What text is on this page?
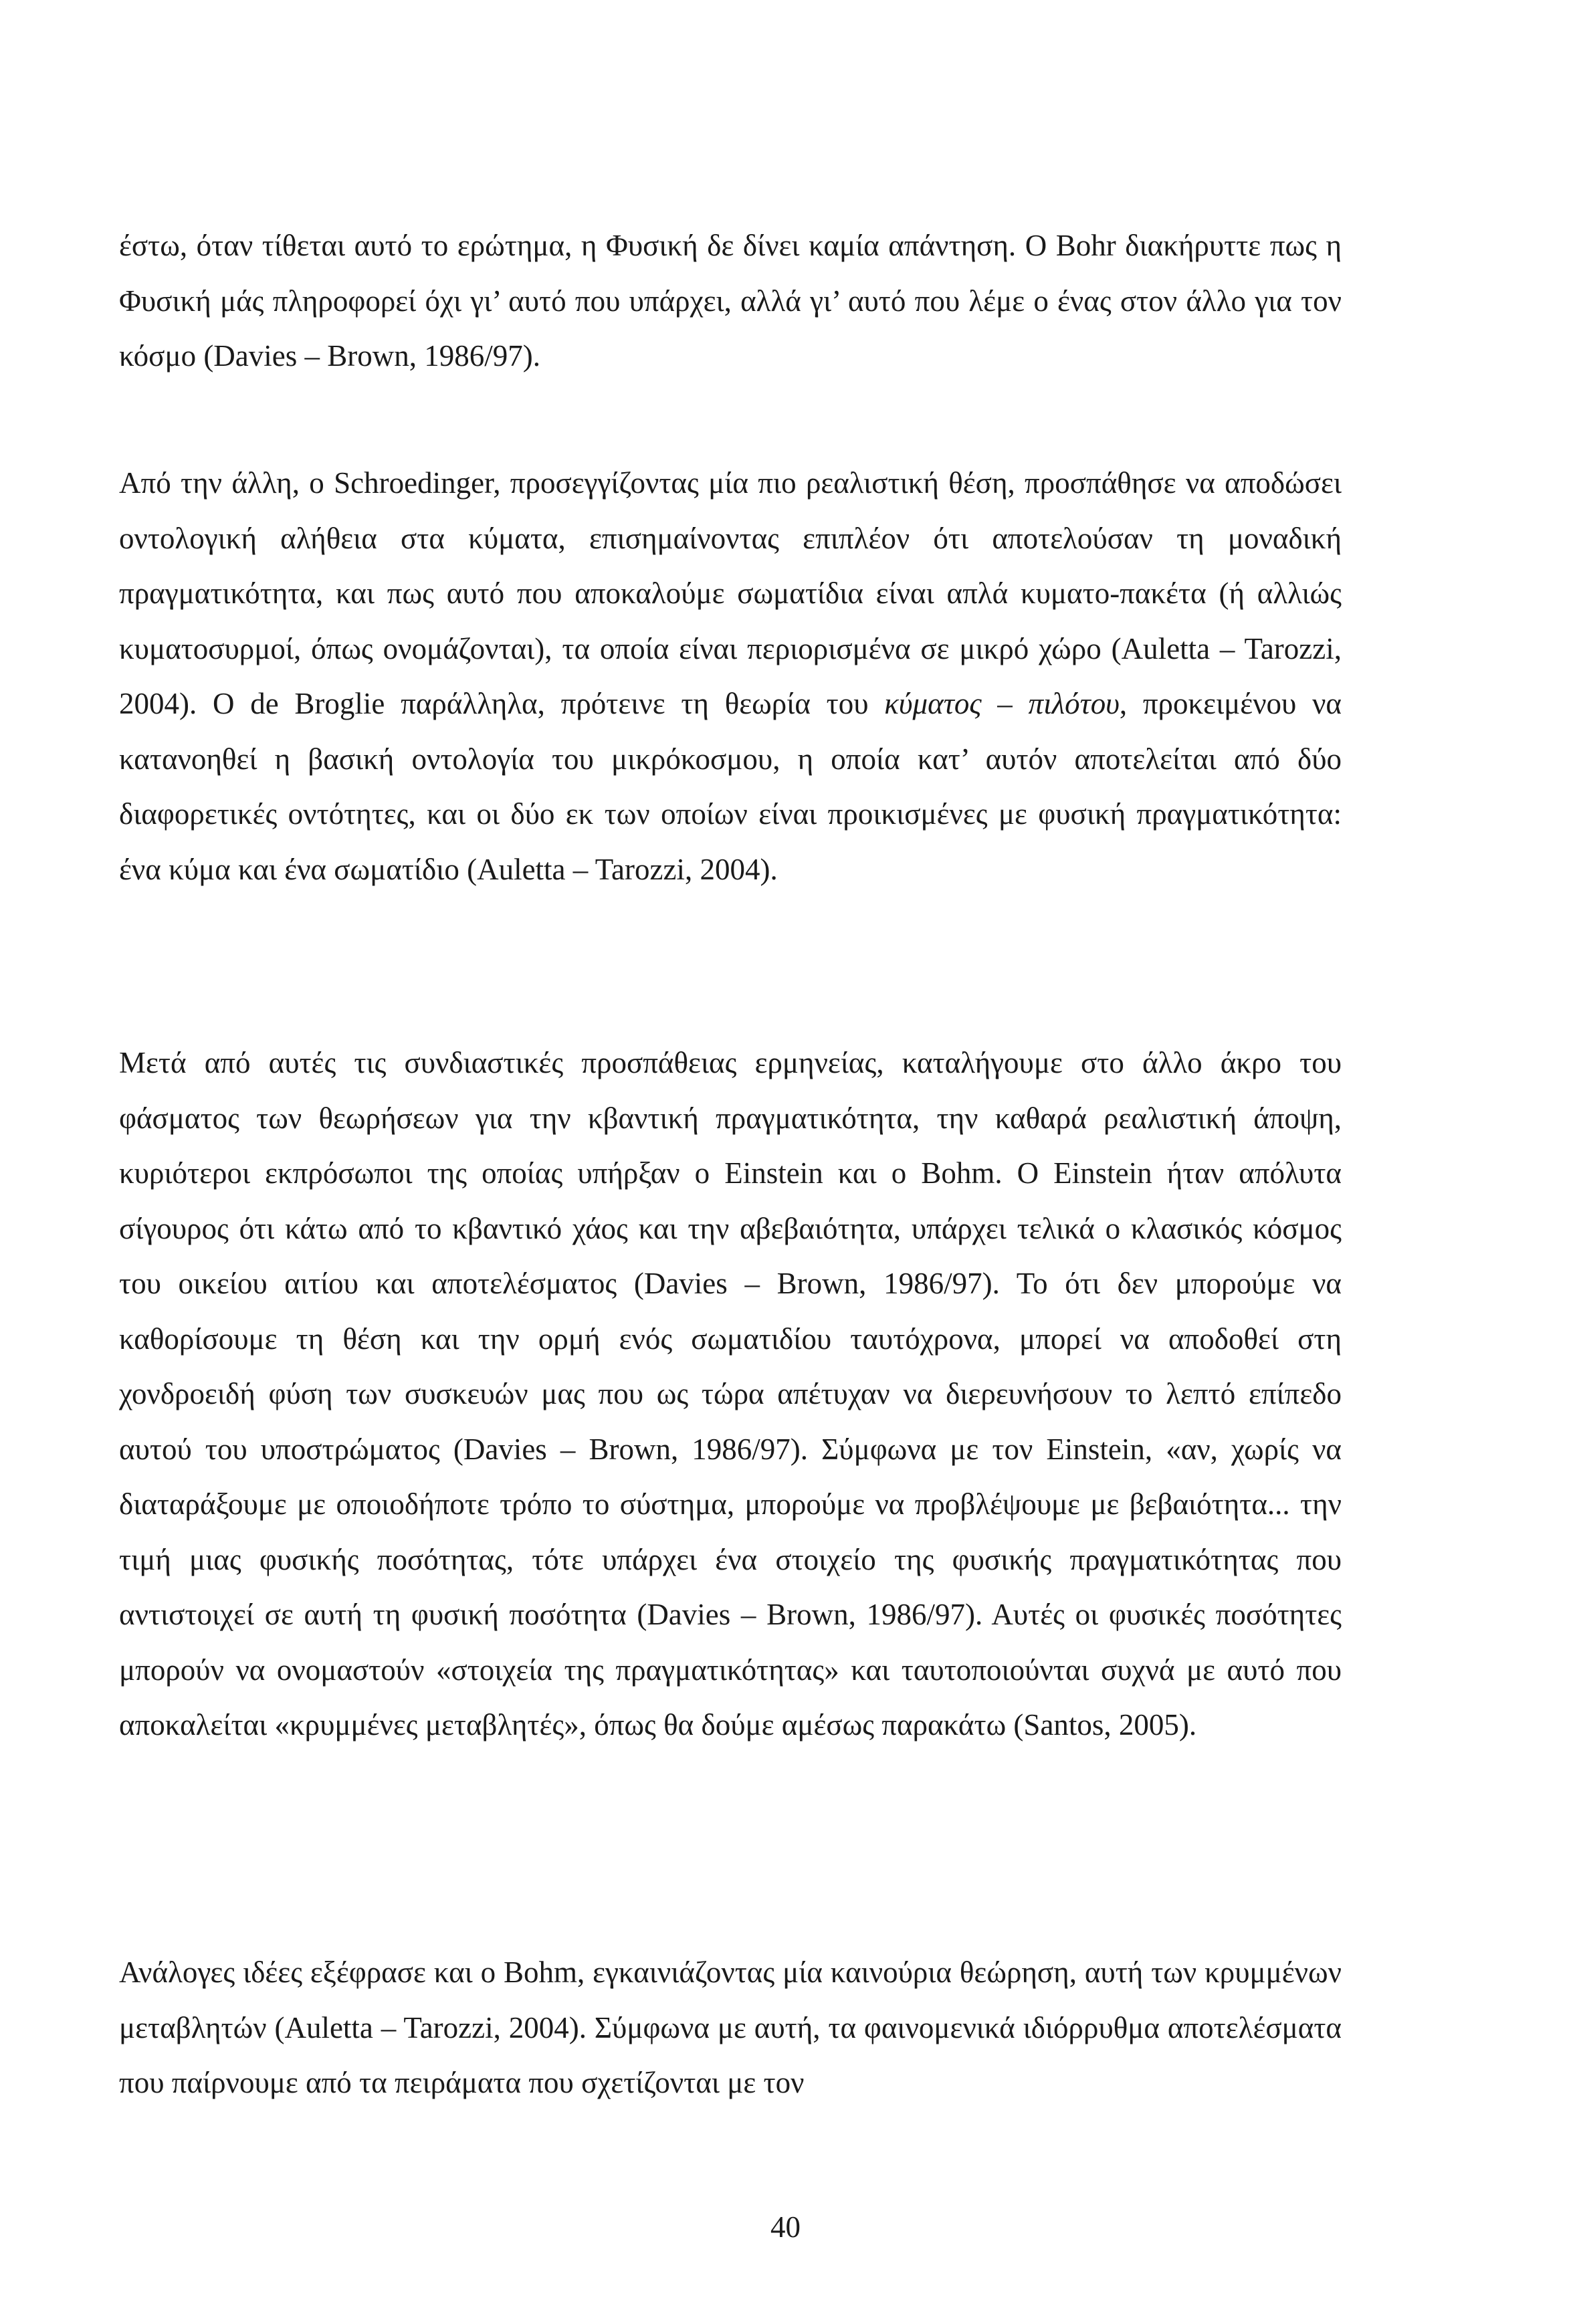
έστω, όταν τίθεται αυτό το ερώτημα, η Φυσική δε δίνει καμία απάντηση. Ο Bohr διακήρυττε πως η Φυσική μάς πληροφορεί όχι γι’ αυτό που υπάρχει, αλλά γι’ αυτό που λέμε ο ένας στον άλλο για τον κόσμο (Davies – Brown, 1986/97).

Από την άλλη, ο Schroedinger, προσεγγίζοντας μία πιο ρεαλιστική θέση, προσπάθησε να αποδώσει οντολογική αλήθεια στα κύματα, επισημαίνοντας επιπλέον ότι αποτελούσαν τη μοναδική πραγματικότητα, και πως αυτό που αποκαλούμε σωματίδια είναι απλά κυματο-πακέτα (ή αλλιώς κυματοσυρμοί, όπως ονομάζονται), τα οποία είναι περιορισμένα σε μικρό χώρο (Auletta – Tarozzi, 2004). Ο de Broglie παράλληλα, πρότεινε τη θεωρία του κύματος – πιλότου, προκειμένου να κατανοηθεί η βασική οντολογία του μικρόκοσμου, η οποία κατ’ αυτόν αποτελείται από δύο διαφορετικές οντότητες, και οι δύο εκ των οποίων είναι προικισμένες με φυσική πραγματικότητα: ένα κύμα και ένα σωματίδιο (Auletta – Tarozzi, 2004).

Μετά από αυτές τις συνδιαστικές προσπάθειας ερμηνείας, καταλήγουμε στο άλλο άκρο του φάσματος των θεωρήσεων για την κβαντική πραγματικότητα, την καθαρά ρεαλιστική άποψη, κυριότεροι εκπρόσωποι της οποίας υπήρξαν ο Einstein και ο Bohm. Ο Einstein ήταν απόλυτα σίγουρος ότι κάτω από το κβαντικό χάος και την αβεβαιότητα, υπάρχει τελικά ο κλασικός κόσμος του οικείου αιτίου και αποτελέσματος (Davies – Brown, 1986/97). Το ότι δεν μπορούμε να καθορίσουμε τη θέση και την ορμή ενός σωματιδίου ταυτόχρονα, μπορεί να αποδοθεί στη χονδροειδή φύση των συσκευών μας που ως τώρα απέτυχαν να διερευνήσουν το λεπτό επίπεδο αυτού του υποστρώματος (Davies – Brown, 1986/97). Σύμφωνα με τον Einstein, «αν, χωρίς να διαταράξουμε με οποιοδήποτε τρόπο το σύστημα, μπορούμε να προβλέψουμε με βεβαιότητα... την τιμή μιας φυσικής ποσότητας, τότε υπάρχει ένα στοιχείο της φυσικής πραγματικότητας που αντιστοιχεί σε αυτή τη φυσική ποσότητα (Davies – Brown, 1986/97). Αυτές οι φυσικές ποσότητες μπορούν να ονομαστούν «στοιχεία της πραγματικότητας» και ταυτοποιούνται συχνά με αυτό που αποκαλείται «κρυμμένες μεταβλητές», όπως θα δούμε αμέσως παρακάτω (Santos, 2005).

Ανάλογες ιδέες εξέφρασε και ο Bohm, εγκαινιάζοντας μία καινούρια θεώρηση, αυτή των κρυμμένων μεταβλητών (Auletta – Tarozzi, 2004). Σύμφωνα με αυτή, τα φαινομενικά ιδιόρρυθμα αποτελέσματα που παίρνουμε από τα πειράματα που σχετίζονται με τον

40
